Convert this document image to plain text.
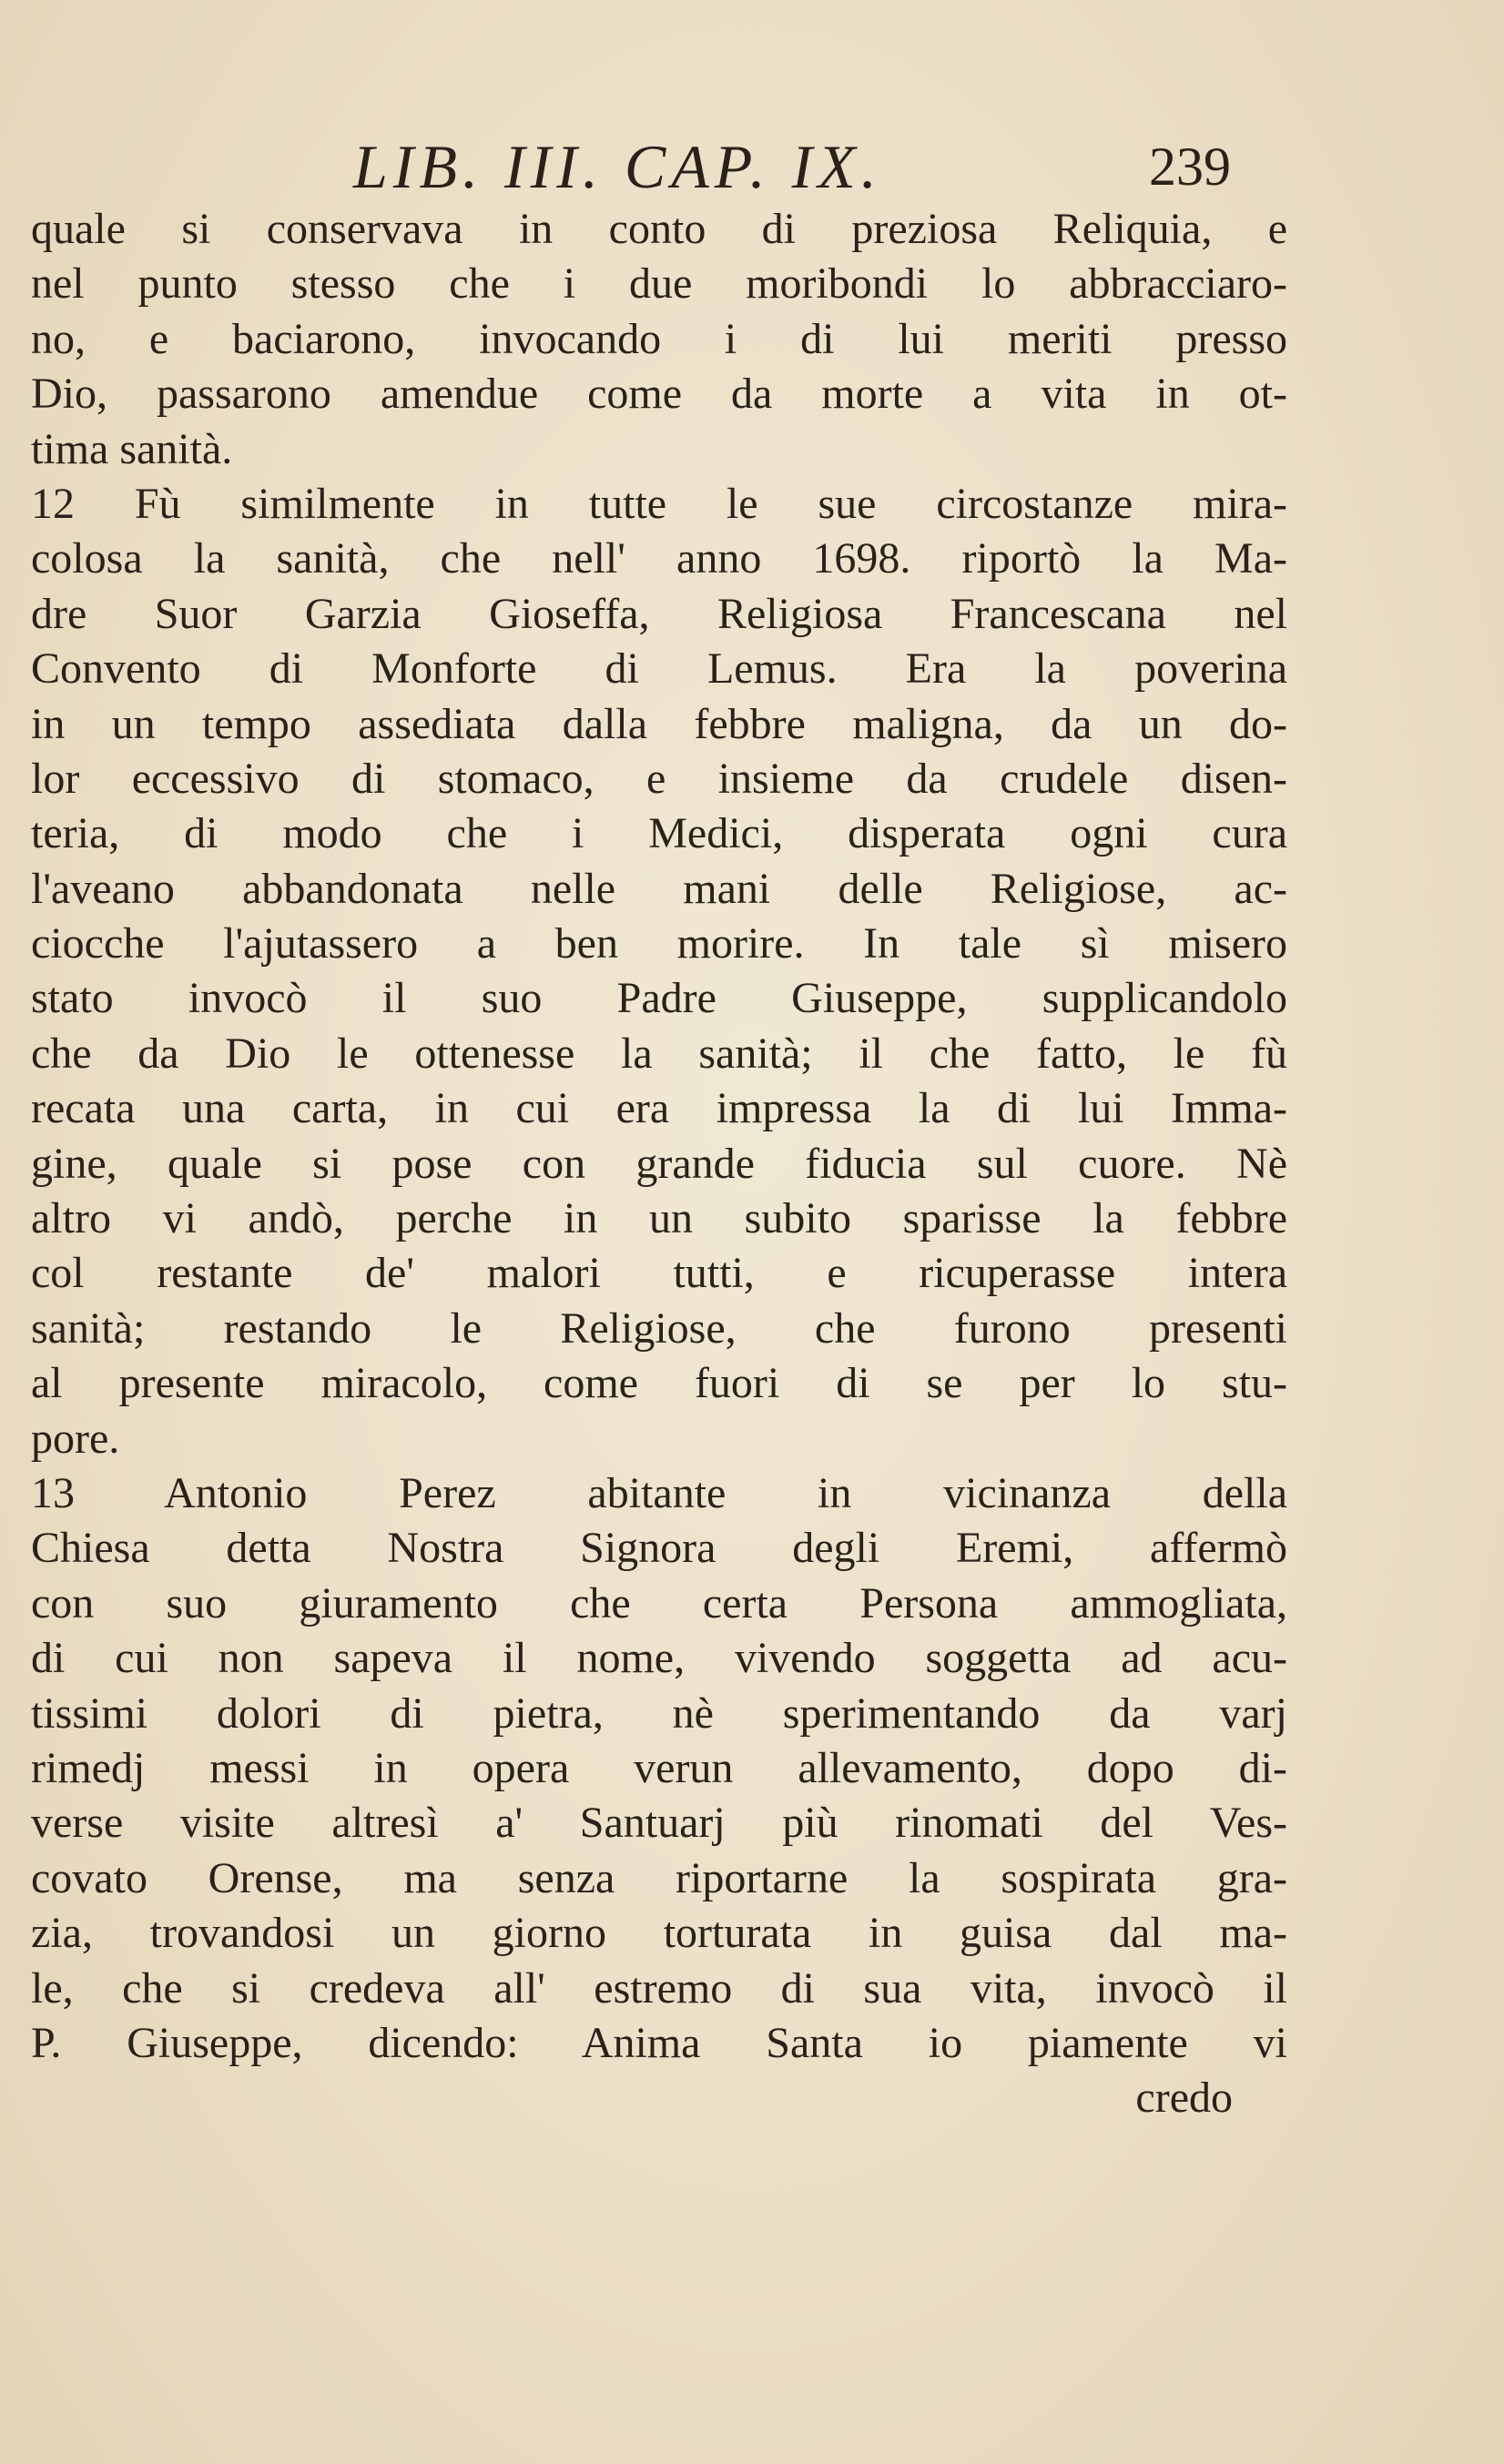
LIB. III. CAP. IX.	239
quale si conservava in conto di preziosa Reliquia, e
nel punto stesso che i due moribondi lo abbracciaro-
no, e baciarono, invocando i di lui meriti presso
Dio, passarono amendue come da morte a vita in ot-
tima sanità.
12 Fù similmente in tutte le sue circostanze mira-
colosa la sanità, che nell' anno 1698. riportò la Ma-
dre Suor Garzia Gioseffa, Religiosa Francescana nel
Convento di Monforte di Lemus. Era la poverina
in un tempo assediata dalla febbre maligna, da un do-
lor eccessivo di stomaco, e insieme da crudele disen-
teria, di modo che i Medici, disperata ogni cura
l'aveano abbandonata nelle mani delle Religiose, ac-
ciocche l'ajutassero a ben morire. In tale sì misero
stato invocò il suo Padre Giuseppe, supplicandolo
che da Dio le ottenesse la sanità; il che fatto, le fù
recata una carta, in cui era impressa la di lui Imma-
gine, quale si pose con grande fiducia sul cuore. Nè
altro vi andò, perche in un subito sparisse la febbre
col restante de' malori tutti, e ricuperasse intera
sanità; restando le Religiose, che furono presenti
al presente miracolo, come fuori di se per lo stu-
pore.
13 Antonio Perez abitante in vicinanza della
Chiesa detta Nostra Signora degli Eremi, affermò
con suo giuramento che certa Persona ammogliata,
di cui non sapeva il nome, vivendo soggetta ad acu-
tissimi dolori di pietra, nè sperimentando da varj
rimedj messi in opera verun allevamento, dopo di-
verse visite altresì a' Santuarj più rinomati del Ves-
covato Orense, ma senza riportarne la sospirata gra-
zia, trovandosi un giorno torturata in guisa dal ma-
le, che si credeva all' estremo di sua vita, invocò il
P. Giuseppe, dicendo: Anima Santa io piamente vi
credo
